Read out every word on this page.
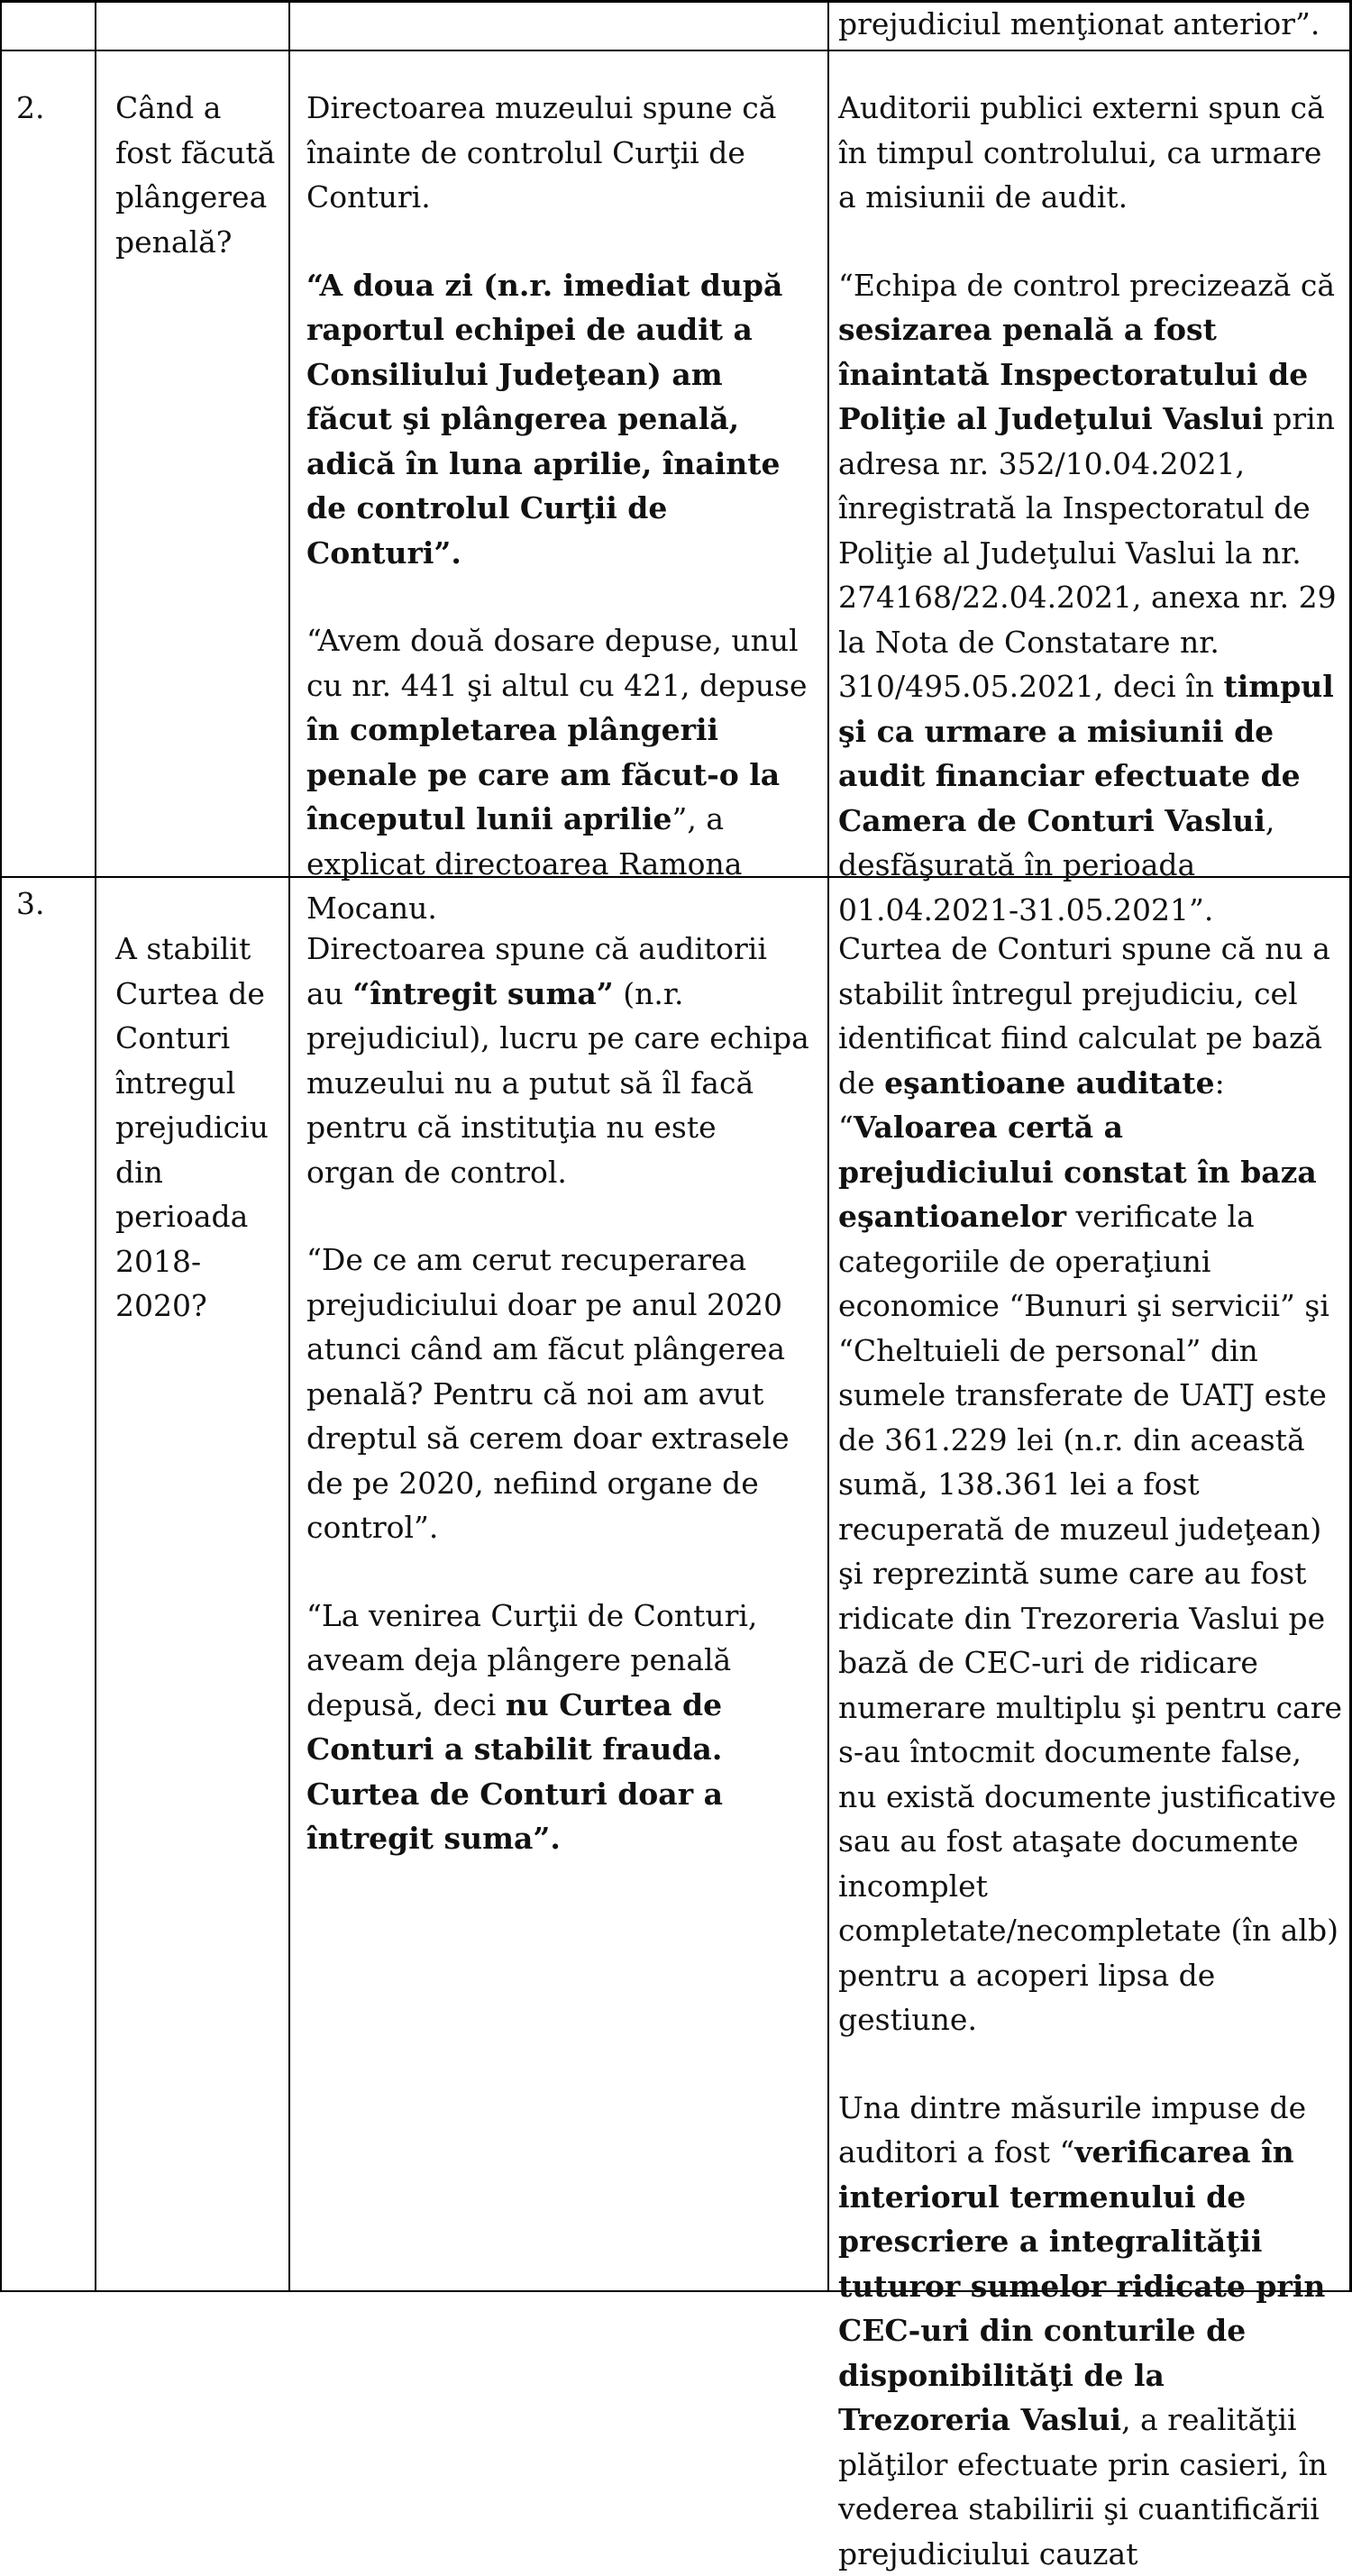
prejudiciul menţionat anterior”.

2.	Când a fost făcută plângerea penală?

Directoarea muzeului spune că înainte de controlul Curţii de Conturi.

“A doua zi (n.r. imediat după raportul echipei de audit a Consiliului Judeţean) am făcut şi plângerea penală, adică în luna aprilie, înainte de controlul Curţii de Conturi”.

“Avem două dosare depuse, unul cu nr. 441 şi altul cu 421, depuse în completarea plângerii penale pe care am făcut-o la începutul lunii aprilie”, a explicat directoarea Ramona Mocanu.

Auditorii publici externi spun că în timpul controlului, ca urmare a misiunii de audit.

“Echipa de control precizează că sesizarea penală a fost înaintată Inspectoratului de Poliţie al Judeţului Vaslui prin adresa nr. 352/10.04.2021, înregistrată la Inspectoratul de Poliţie al Judeţului Vaslui la nr. 274168/22.04.2021, anexa nr. 29 la Nota de Constatare nr. 310/495.05.2021, deci în timpul şi ca urmare a misiunii de audit financiar efectuate de Camera de Conturi Vaslui, desfăşurată în perioada 01.04.2021-31.05.2021”.

3.

A stabilit Curtea de Conturi întregul prejudiciu din perioada 2018-2020?

Directoarea spune că auditorii au “întregit suma” (n.r. prejudiciul), lucru pe care echipa muzeului nu a putut să îl facă pentru că instituţia nu este organ de control.

“De ce am cerut recuperarea prejudiciului doar pe anul 2020 atunci când am făcut plângerea penală? Pentru că noi am avut dreptul să cerem doar extrasele de pe 2020, nefiind organe de control”.

“La venirea Curţii de Conturi, aveam deja plângere penală depusă, deci nu Curtea de Conturi a stabilit frauda. Curtea de Conturi doar a întregit suma”.

Curtea de Conturi spune că nu a stabilit întregul prejudiciu, cel identificat fiind calculat pe bază de eşantioane auditate: “Valoarea certă a prejudiciului constat în baza eşantioanelor verificate la categoriile de operaţiuni economice “Bunuri şi servicii” şi “Cheltuieli de personal” din sumele transferate de UATJ este de 361.229 lei (n.r. din această sumă, 138.361 lei a fost recuperată de muzeul judeţean) şi reprezintă sume care au fost ridicate din Trezoreria Vaslui pe bază de CEC-uri de ridicare numerare multiplu şi pentru care s-au întocmit documente false, nu există documente justificative sau au fost ataşate documente incomplet completate/necompletate (în alb) pentru a acoperi lipsa de gestiune.

Una dintre măsurile impuse de auditori a fost “verificarea în interiorul termenului de prescriere a integralităţii tuturor sumelor ridicate prin CEC-uri din conturile de disponibilităţi de la Trezoreria Vaslui, a realităţii plăţilor efectuate prin casieri, în vederea stabilirii şi cuantificării prejudiciului cauzat
